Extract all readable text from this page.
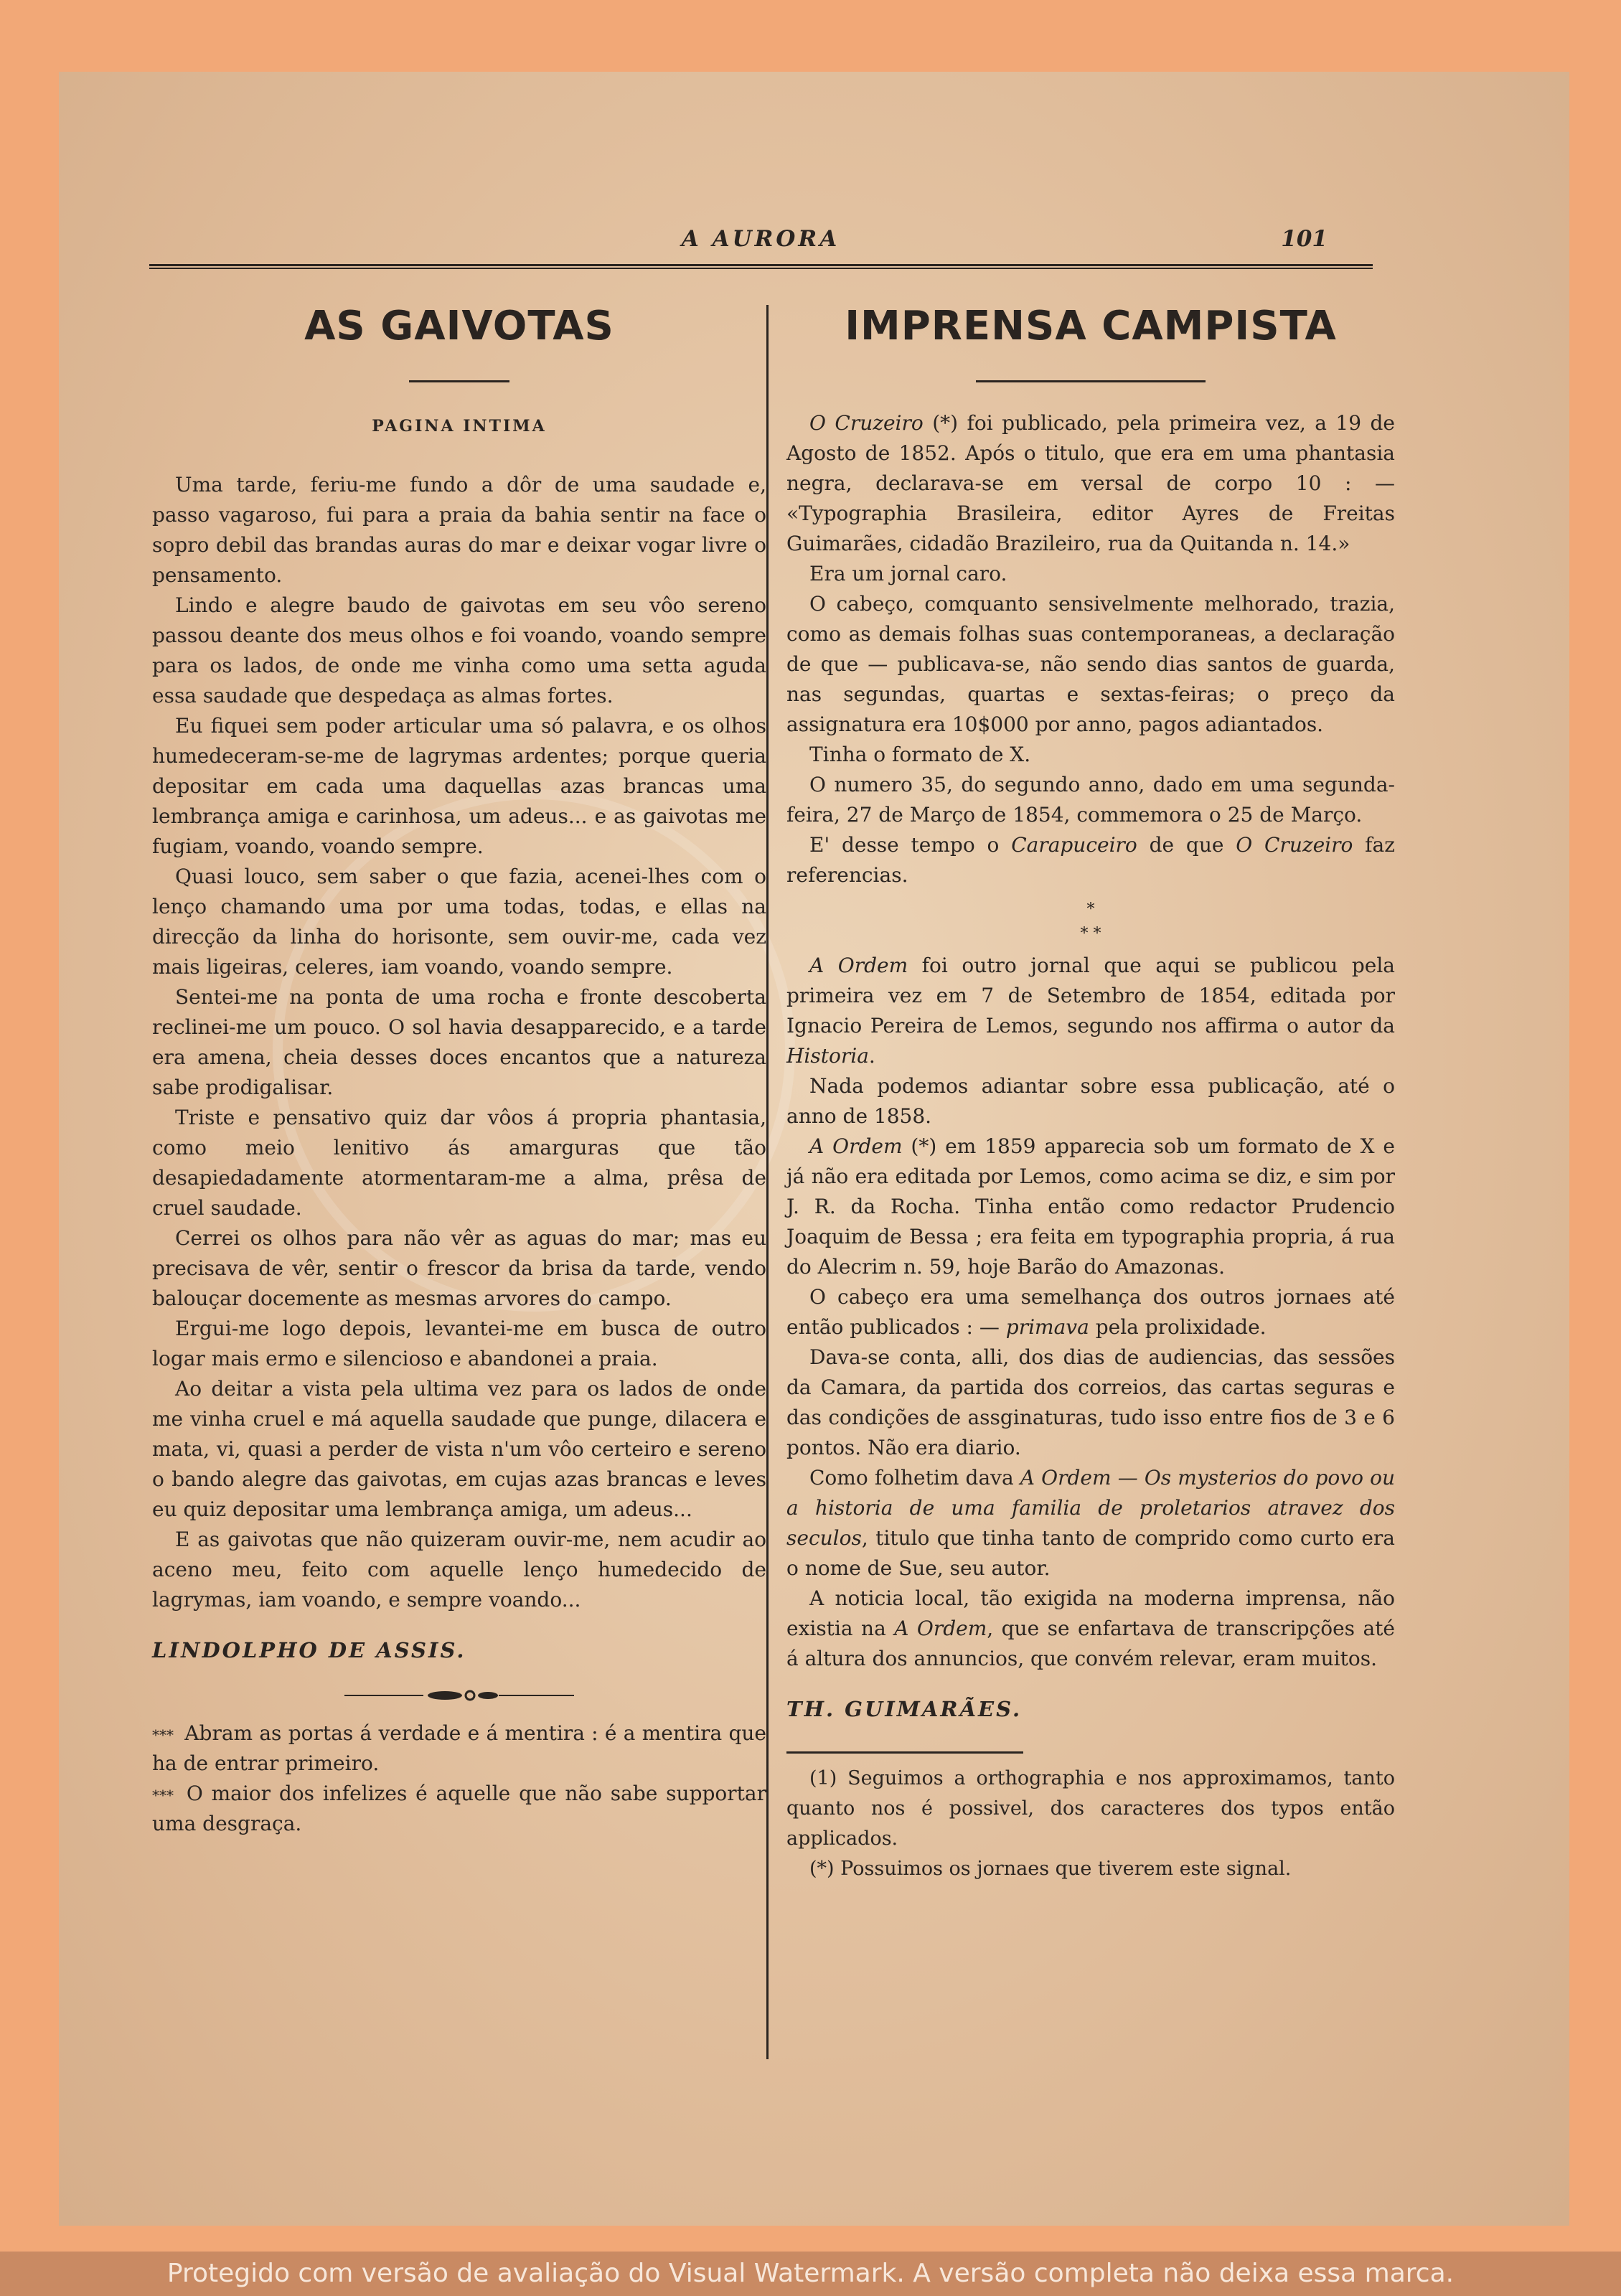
A AURORA	101
AS GAIVOTAS
PAGINA INTIMA

Uma tarde, feriu-me fundo a dôr de uma saudade e, passo vagaroso, fui para a praia da bahia sentir na face o sopro debil das brandas auras do mar e deixar vogar livre o pensamento.

Lindo e alegre baudo de gaivotas em seu vôo sereno passou deante dos meus olhos e foi voando, voando sempre para os lados, de onde me vinha como uma setta aguda essa saudade que despedaça as almas fortes.

Eu fiquei sem poder articular uma só palavra, e os olhos humedeceram-se-me de lagrymas ardentes; porque queria depositar em cada uma daquellas azas brancas uma lembrança amiga e carinhosa, um adeus... e as gaivotas me fugiam, voando, voando sempre.

Quasi louco, sem saber o que fazia, acenei-lhes com o lenço chamando uma por uma todas, todas, e ellas na direcção da linha do horisonte, sem ouvir-me, cada vez mais ligeiras, celeres, iam voando, voando sempre.

Sentei-me na ponta de uma rocha e fronte descoberta reclinei-me um pouco. O sol havia desapparecido, e a tarde era amena, cheia desses doces encantos que a natureza sabe prodigalisar.

Triste e pensativo quiz dar vôos á propria phantasia, como meio lenitivo ás amarguras que tão desapiedadamente atormentaram-me a alma, prêsa de cruel saudade.

Cerrei os olhos para não vêr as aguas do mar; mas eu precisava de vêr, sentir o frescor da brisa da tarde, vendo balouçar docemente as mesmas arvores do campo.

Ergui-me logo depois, levantei-me em busca de outro logar mais ermo e silencioso e abandonei a praia.

Ao deitar a vista pela ultima vez para os lados de onde me vinha cruel e má aquella saudade que punge, dilacera e mata, vi, quasi a perder de vista n'um vôo certeiro e sereno o bando alegre das gaivotas, em cujas azas brancas e leves eu quiz depositar uma lembrança amiga, um adeus...

E as gaivotas que não quizeram ouvir-me, nem acudir ao aceno meu, feito com aquelle lenço humedecido de lagrymas, iam voando, e sempre voando...

LINDOLPHO DE ASSIS.

* * * Abram as portas á verdade e á mentira : é a mentira que ha de entrar primeiro.

* * * O maior dos infelizes é aquelle que não sabe supportar uma desgraça.

IMPRENSA CAMPISTA

O Cruzeiro (*) foi publicado, pela primeira vez, a 19 de Agosto de 1852. Após o titulo, que era em uma phantasia negra, declarava-se em versal de corpo 10 : — «Typographia Brasileira, editor Ayres de Freitas Guimarães, cidadão Brazileiro, rua da Quitanda n. 14.»

Era um jornal caro.

O cabeço, comquanto sensivelmente melhorado, trazia, como as demais folhas suas contemporaneas, a declaração de que — publicava-se, não sendo dias santos de guarda, nas segundas, quartas e sextas-feiras; o preço da assignatura era 10$000 por anno, pagos adiantados.

Tinha o formato de X.

O numero 35, do segundo anno, dado em uma segunda-feira, 27 de Março de 1854, commemora o 25 de Março.

E' desse tempo o Carapuceiro de que O Cruzeiro faz referencias.

*
* *

A Ordem foi outro jornal que aqui se publicou pela primeira vez em 7 de Setembro de 1854, editada por Ignacio Pereira de Lemos, segundo nos affirma o autor da Historia.

Nada podemos adiantar sobre essa publicação, até o anno de 1858.

A Ordem (*) em 1859 apparecia sob um formato de X e já não era editada por Lemos, como acima se diz, e sim por J. R. da Rocha. Tinha então como redactor Prudencio Joaquim de Bessa ; era feita em typographia propria, á rua do Alecrim n. 59, hoje Barão do Amazonas.

O cabeço era uma semelhança dos outros jornaes até então publicados : — primava pela prolixidade.

Dava-se conta, alli, dos dias de audiencias, das sessões da Camara, da partida dos correios, das cartas seguras e das condições de assginaturas, tudo isso entre fios de 3 e 6 pontos. Não era diario.

Como folhetim dava A Ordem — Os mysterios do povo ou a historia de uma familia de proletarios atravez dos seculos, titulo que tinha tanto de comprido como curto era o nome de Sue, seu autor.

A noticia local, tão exigida na moderna imprensa, não existia na A Ordem, que se enfartava de transcripções até á altura dos annuncios, que convém relevar, eram muitos.

TH. GUIMARÃES.

(1) Seguimos a orthographia e nos approximamos, tanto quanto nos é possivel, dos caracteres dos typos então applicados.

(*) Possuimos os jornaes que tiverem este signal.

Protegido com versão de avaliação do Visual Watermark. A versão completa não deixa essa marca.
